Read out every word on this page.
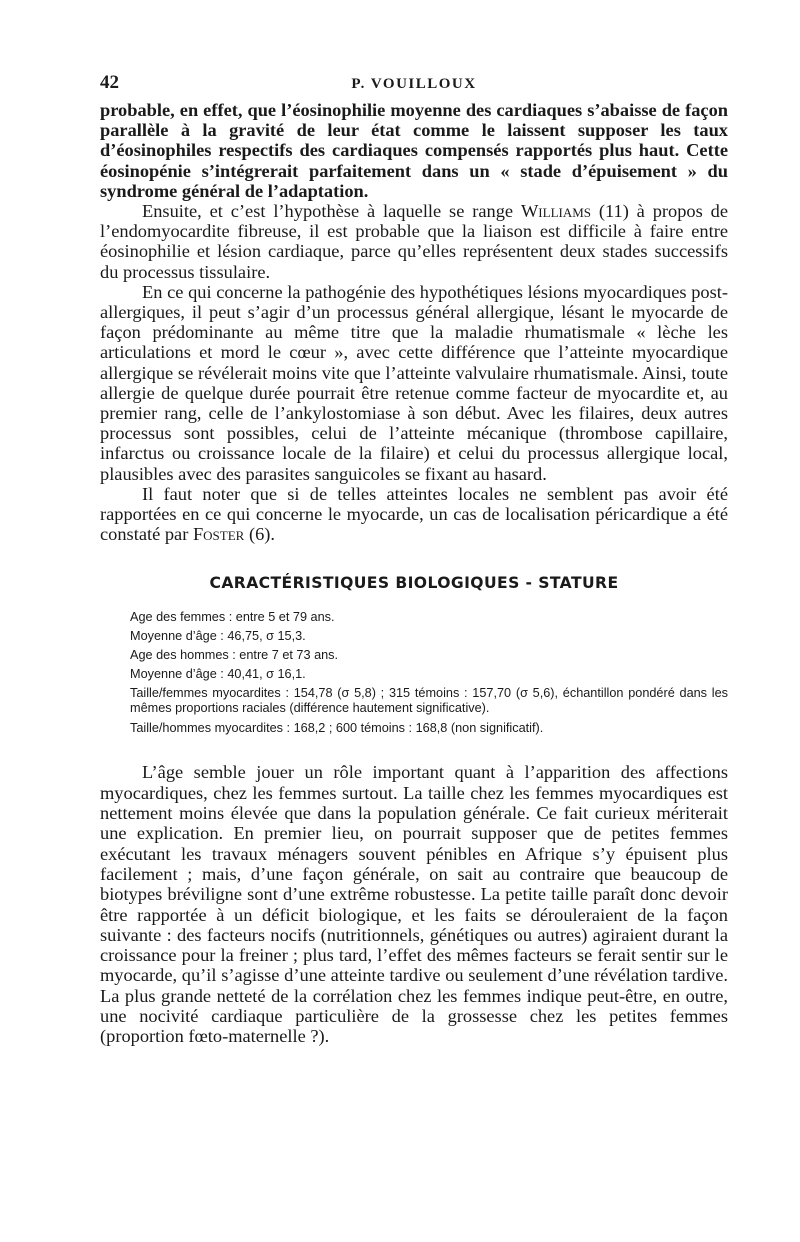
42	P. VOUILLOUX

probable, en effet, que l’éosinophilie moyenne des cardiaques s’abaisse de façon parallèle à la gravité de leur état comme le laissent supposer les taux d’éosinophiles respectifs des cardiaques compensés rapportés plus haut. Cette éosinopénie s’intégrerait parfaitement dans un « stade d’épuisement » du syndrome général de l’adaptation.

Ensuite, et c’est l’hypothèse à laquelle se range Williams (11) à propos de l’endomyocardite fibreuse, il est probable que la liaison est difficile à faire entre éosinophilie et lésion cardiaque, parce qu’elles représentent deux stades successifs du processus tissulaire.

En ce qui concerne la pathogénie des hypothétiques lésions myocardiques post-allergiques, il peut s’agir d’un processus général allergique, lésant le myocarde de façon prédominante au même titre que la maladie rhumatismale « lèche les articulations et mord le cœur », avec cette différence que l’atteinte myocardique allergique se révélerait moins vite que l’atteinte valvulaire rhumatismale. Ainsi, toute allergie de quelque durée pourrait être retenue comme facteur de myocardite et, au premier rang, celle de l’ankylostomiase à son début. Avec les filaires, deux autres processus sont possibles, celui de l’atteinte mécanique (thrombose capillaire, infarctus ou croissance locale de la filaire) et celui du processus allergique local, plausibles avec des parasites sanguicoles se fixant au hasard.

Il faut noter que si de telles atteintes locales ne semblent pas avoir été rapportées en ce qui concerne le myocarde, un cas de localisation péricardique a été constaté par Foster (6).

CARACTÉRISTIQUES BIOLOGIQUES - STATURE
Age des femmes : entre 5 et 79 ans.
Moyenne d’âge : 46,75, σ 15,3.
Age des hommes : entre 7 et 73 ans.
Moyenne d’âge : 40,41, σ 16,1.
Taille/femmes myocardites : 154,78 (σ 5,8) ; 315 témoins : 157,70 (σ 5,6), échantillon pondéré dans les mêmes proportions raciales (différence hautement significative).
Taille/hommes myocardites : 168,2 ; 600 témoins : 168,8 (non significatif).

L’âge semble jouer un rôle important quant à l’apparition des affections myocardiques, chez les femmes surtout. La taille chez les femmes myocardiques est nettement moins élevée que dans la population générale. Ce fait curieux mériterait une explication. En premier lieu, on pourrait supposer que de petites femmes exécutant les travaux ménagers souvent pénibles en Afrique s’y épuisent plus facilement ; mais, d’une façon générale, on sait au contraire que beaucoup de biotypes bréviligne sont d’une extrême robustesse. La petite taille paraît donc devoir être rapportée à un déficit biologique, et les faits se dérouleraient de la façon suivante : des facteurs nocifs (nutritionnels, génétiques ou autres) agiraient durant la croissance pour la freiner ; plus tard, l’effet des mêmes facteurs se ferait sentir sur le myocarde, qu’il s’agisse d’une atteinte tardive ou seulement d’une révélation tardive. La plus grande netteté de la corrélation chez les femmes indique peut-être, en outre, une nocivité cardiaque particulière de la grossesse chez les petites femmes (proportion fœto-maternelle ?).
